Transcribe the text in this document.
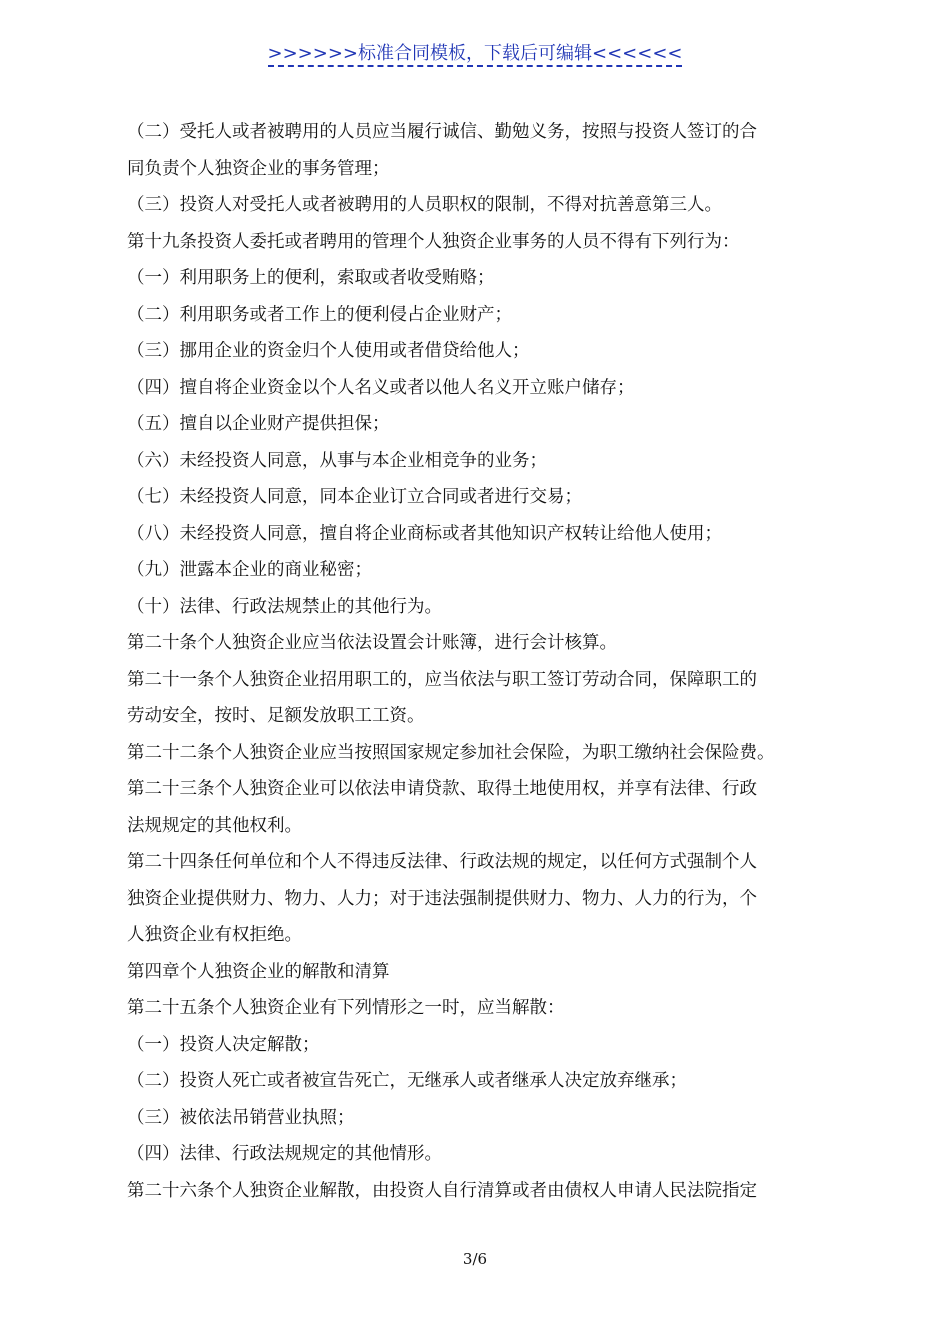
>>>>>>标准合同模板，下载后可编辑<<<<<<

（二）受托人或者被聘用的人员应当履行诚信、勤勉义务，按照与投资人签订的合

同负责个人独资企业的事务管理；

（三）投资人对受托人或者被聘用的人员职权的限制，不得对抗善意第三人。

第十九条投资人委托或者聘用的管理个人独资企业事务的人员不得有下列行为：

（一）利用职务上的便利，索取或者收受贿赂；

（二）利用职务或者工作上的便利侵占企业财产；

（三）挪用企业的资金归个人使用或者借贷给他人；

（四）擅自将企业资金以个人名义或者以他人名义开立账户储存；

（五）擅自以企业财产提供担保；

（六）未经投资人同意，从事与本企业相竞争的业务；

（七）未经投资人同意，同本企业订立合同或者进行交易；

（八）未经投资人同意，擅自将企业商标或者其他知识产权转让给他人使用；

（九）泄露本企业的商业秘密；

（十）法律、行政法规禁止的其他行为。

第二十条个人独资企业应当依法设置会计账簿，进行会计核算。

第二十一条个人独资企业招用职工的，应当依法与职工签订劳动合同，保障职工的

劳动安全，按时、足额发放职工工资。

第二十二条个人独资企业应当按照国家规定参加社会保险，为职工缴纳社会保险费。

第二十三条个人独资企业可以依法申请贷款、取得土地使用权，并享有法律、行政

法规规定的其他权利。

第二十四条任何单位和个人不得违反法律、行政法规的规定，以任何方式强制个人

独资企业提供财力、物力、人力；对于违法强制提供财力、物力、人力的行为，个

人独资企业有权拒绝。

第四章个人独资企业的解散和清算

第二十五条个人独资企业有下列情形之一时，应当解散：

（一）投资人决定解散；

（二）投资人死亡或者被宣告死亡，无继承人或者继承人决定放弃继承；

（三）被依法吊销营业执照；

（四）法律、行政法规规定的其他情形。

第二十六条个人独资企业解散，由投资人自行清算或者由债权人申请人民法院指定

3/6
